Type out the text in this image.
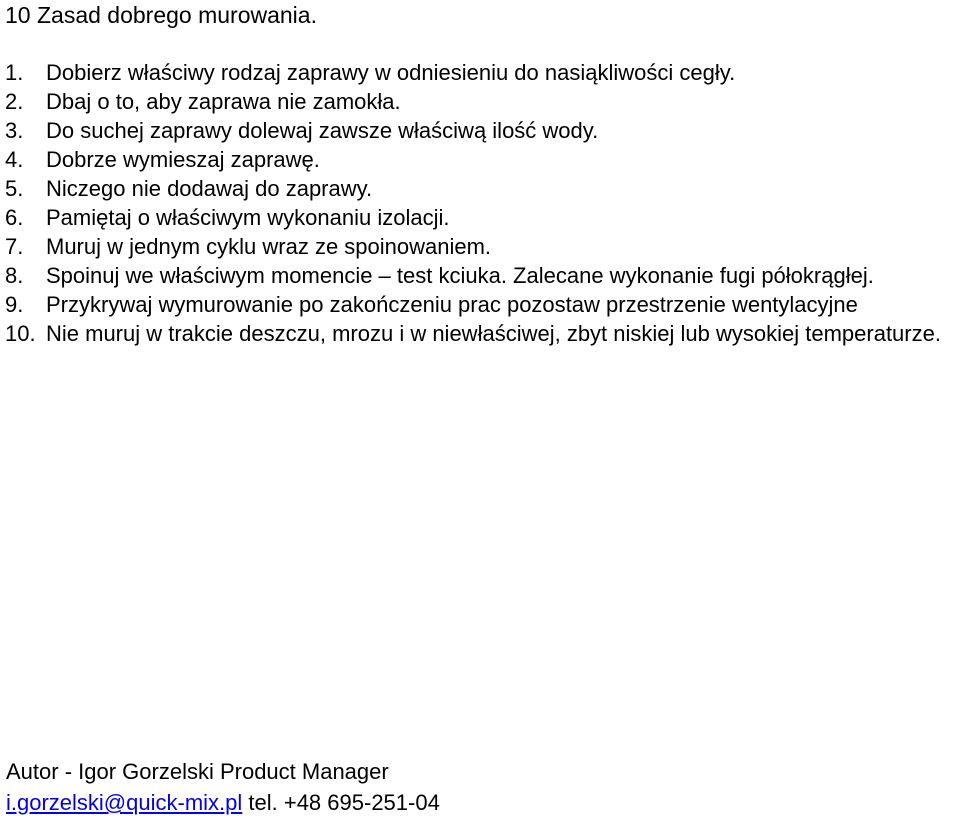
10 Zasad dobrego murowania.
1.	Dobierz właściwy rodzaj zaprawy w odniesieniu do nasiąkliwości cegły.
2.	Dbaj o to, aby zaprawa nie zamokła.
3.	Do suchej zaprawy dolewaj zawsze właściwą ilość wody.
4.	Dobrze wymieszaj zaprawę.
5.	Niczego nie dodawaj do zaprawy.
6.	Pamiętaj o właściwym wykonaniu izolacji.
7.	Muruj w jednym cyklu wraz ze spoinowaniem.
8.	Spoinuj we właściwym momencie – test kciuka. Zalecane wykonanie fugi półokrągłej.
9.	Przykrywaj wymurowanie po zakończeniu prac pozostaw przestrzenie wentylacyjne
10. Nie muruj w trakcie deszczu, mrozu i w niewłaściwej, zbyt niskiej lub wysokiej temperaturze.
Autor - Igor Gorzelski Product Manager
i.gorzelski@quick-mix.pl tel. +48 695-251-04
